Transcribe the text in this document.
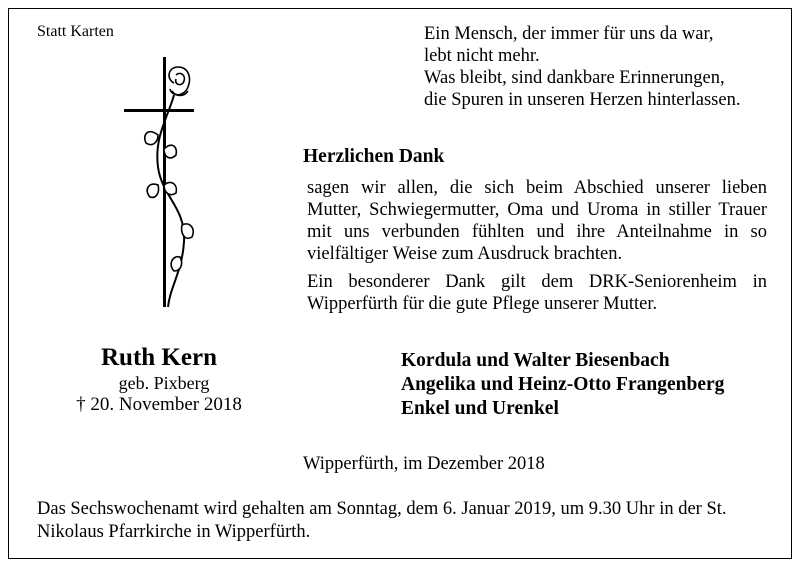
Statt Karten	Ein Mensch, der immer für uns da war,
lebt nicht mehr.
Was bleibt, sind dankbare Erinnerungen,
die Spuren in unseren Herzen hinterlassen.
Herzlichen Dank

sagen wir allen, die sich beim Abschied unserer lieben Mutter, Schwiegermutter, Oma und Uroma in stiller Trauer mit uns verbunden fühlten und ihre Anteilnahme in so vielfältiger Weise zum Ausdruck brachten.

Ein besonderer Dank gilt dem DRK-Seniorenheim in Wipperfürth für die gute Pflege unserer Mutter.

Ruth Kern
geb. Pixberg
† 20. November 2018
Kordula und Walter Biesenbach
Angelika und Heinz-Otto Frangenberg
Enkel und Urenkel
Wipperfürth, im Dezember 2018
Das Sechswochenamt wird gehalten am Sonntag, dem 6. Januar 2019, um 9.30 Uhr in der St. Nikolaus Pfarrkirche in Wipperfürth.
